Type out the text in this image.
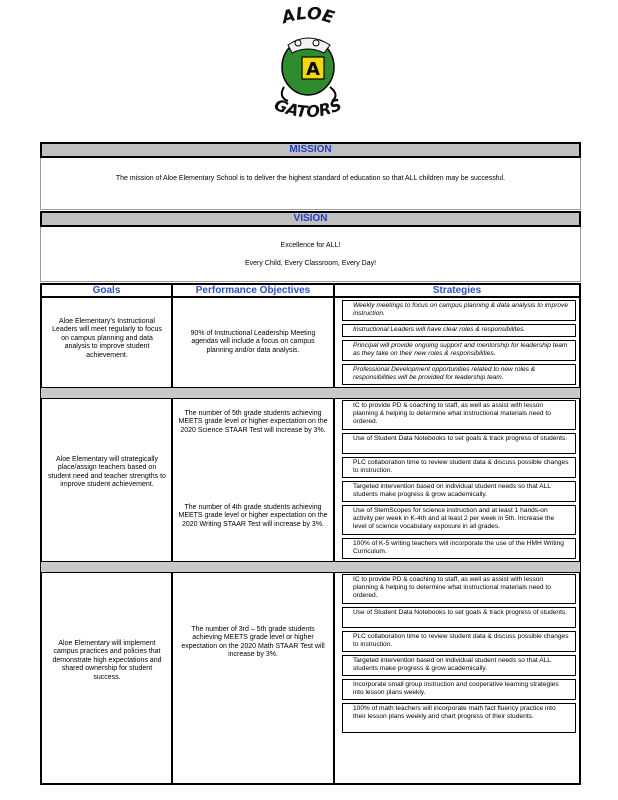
ALOE
A
GATORS
MISSION
The mission of Aloe Elementary School is to deliver the highest standard of education so that ALL children may be successful.
VISION
Excellence for ALL!
Every Child, Every Classroom, Every Day!
Goals	Performance Objectives	Strategies
Aloe Elementary’s Instructional Leaders will meet regularly to focus on campus planning and data analysis to improve student achievement.
90% of Instructional Leadership Meeting agendas will include a focus on campus planning and/or data analysis.
Weekly meetings to focus on campus planning & data analysis to improve instruction.
Instructional Leaders will have clear roles & responsibilites.
Principal will provide ongoing support and mentorship for leadership team as they take on their new roles & responsibilities.
Professional Development opportunities related to new roles & responsibilities will be provided for leadership team.
Aloe Elementary will strategically place/assign teachers based on student need and teacher strengths to improve student achievement.
The number of 5th grade students achieving MEETS grade level or higher expectation on the 2020 Science STAAR Test will increase by 3%.
The number of 4th grade students achieving MEETS grade level or higher expectation on the 2020 Writing STAAR Test will increase by 3%.
IC to provide PD & coaching to staff, as well as assist with lesson planning & helping to determine what instructional materials need to ordered.
Use of Student Data Notebooks to set goals & track progress of students.
PLC collaboration time to review student data & discuss possible changes to instruction.
Targeted intervention based on individual student needs so that ALL students make progress & grow academically.
Use of StemScopes for science instruction and at least 1 hands-on activity per week in K-4th and at least 2 per week in 5th. Increase the level of science vocabulary exposure in all grades.
100% of K-5 writing teachers will incorporate the use of the HMH Writing Curriculum.
Aloe Elementary will implement campus practices and policies that demonstrate high expectations and shared ownership for student success.
The number of 3rd – 5th grade students achieving MEETS grade level or higher expectation on the 2020 Math STAAR Test will increase by 3%.
IC to provide PD & coaching to staff, as well as assist with lesson planning & helping to determine what instructional materials need to ordered.
Use of Student Data Notebooks to set goals & track progress of students.
PLC collaboration time to review student data & discuss possible changes to instruction.
Targeted intervention based on individual student needs so that ALL students make progress & grow academically.
Incorporate small group instruction and cooperative learning strategies into lesson plans weekly.
100% of math teachers will incorporate math fact fluency practice into their lesson plans weekly and chart progress of their students.
